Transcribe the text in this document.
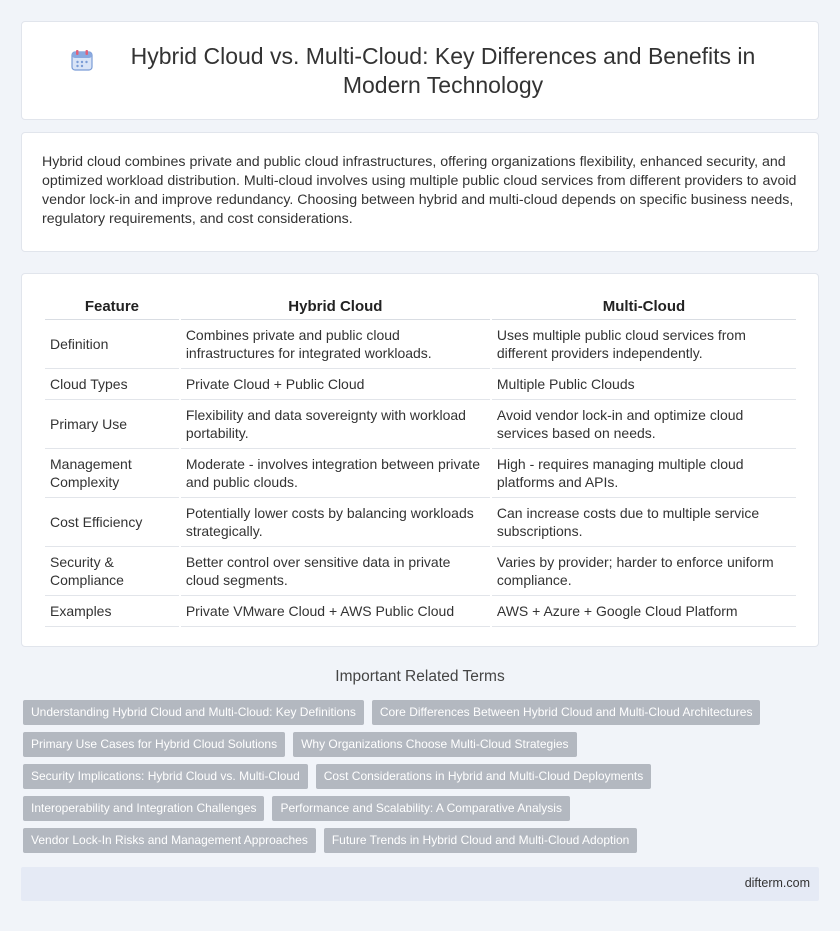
Hybrid Cloud vs. Multi-Cloud: Key Differences and Benefits in Modern Technology

Hybrid cloud combines private and public cloud infrastructures, offering organizations flexibility, enhanced security, and optimized workload distribution. Multi-cloud involves using multiple public cloud services from different providers to avoid vendor lock-in and improve redundancy. Choosing between hybrid and multi-cloud depends on specific business needs, regulatory requirements, and cost considerations.

Feature	Hybrid Cloud	Multi-Cloud
Definition	Combines private and public cloud infrastructures for integrated workloads.	Uses multiple public cloud services from different providers independently.
Cloud Types	Private Cloud + Public Cloud	Multiple Public Clouds
Primary Use	Flexibility and data sovereignty with workload portability.	Avoid vendor lock-in and optimize cloud services based on needs.
Management Complexity	Moderate - involves integration between private and public clouds.	High - requires managing multiple cloud platforms and APIs.
Cost Efficiency	Potentially lower costs by balancing workloads strategically.	Can increase costs due to multiple service subscriptions.
Security & Compliance	Better control over sensitive data in private cloud segments.	Varies by provider; harder to enforce uniform compliance.
Examples	Private VMware Cloud + AWS Public Cloud	AWS + Azure + Google Cloud Platform
Important Related Terms
Understanding Hybrid Cloud and Multi-Cloud: Key Definitions	Core Differences Between Hybrid Cloud and Multi-Cloud Architectures
Primary Use Cases for Hybrid Cloud Solutions	Why Organizations Choose Multi-Cloud Strategies
Security Implications: Hybrid Cloud vs. Multi-Cloud	Cost Considerations in Hybrid and Multi-Cloud Deployments
Interoperability and Integration Challenges	Performance and Scalability: A Comparative Analysis
Vendor Lock-In Risks and Management Approaches	Future Trends in Hybrid Cloud and Multi-Cloud Adoption
difterm.com
